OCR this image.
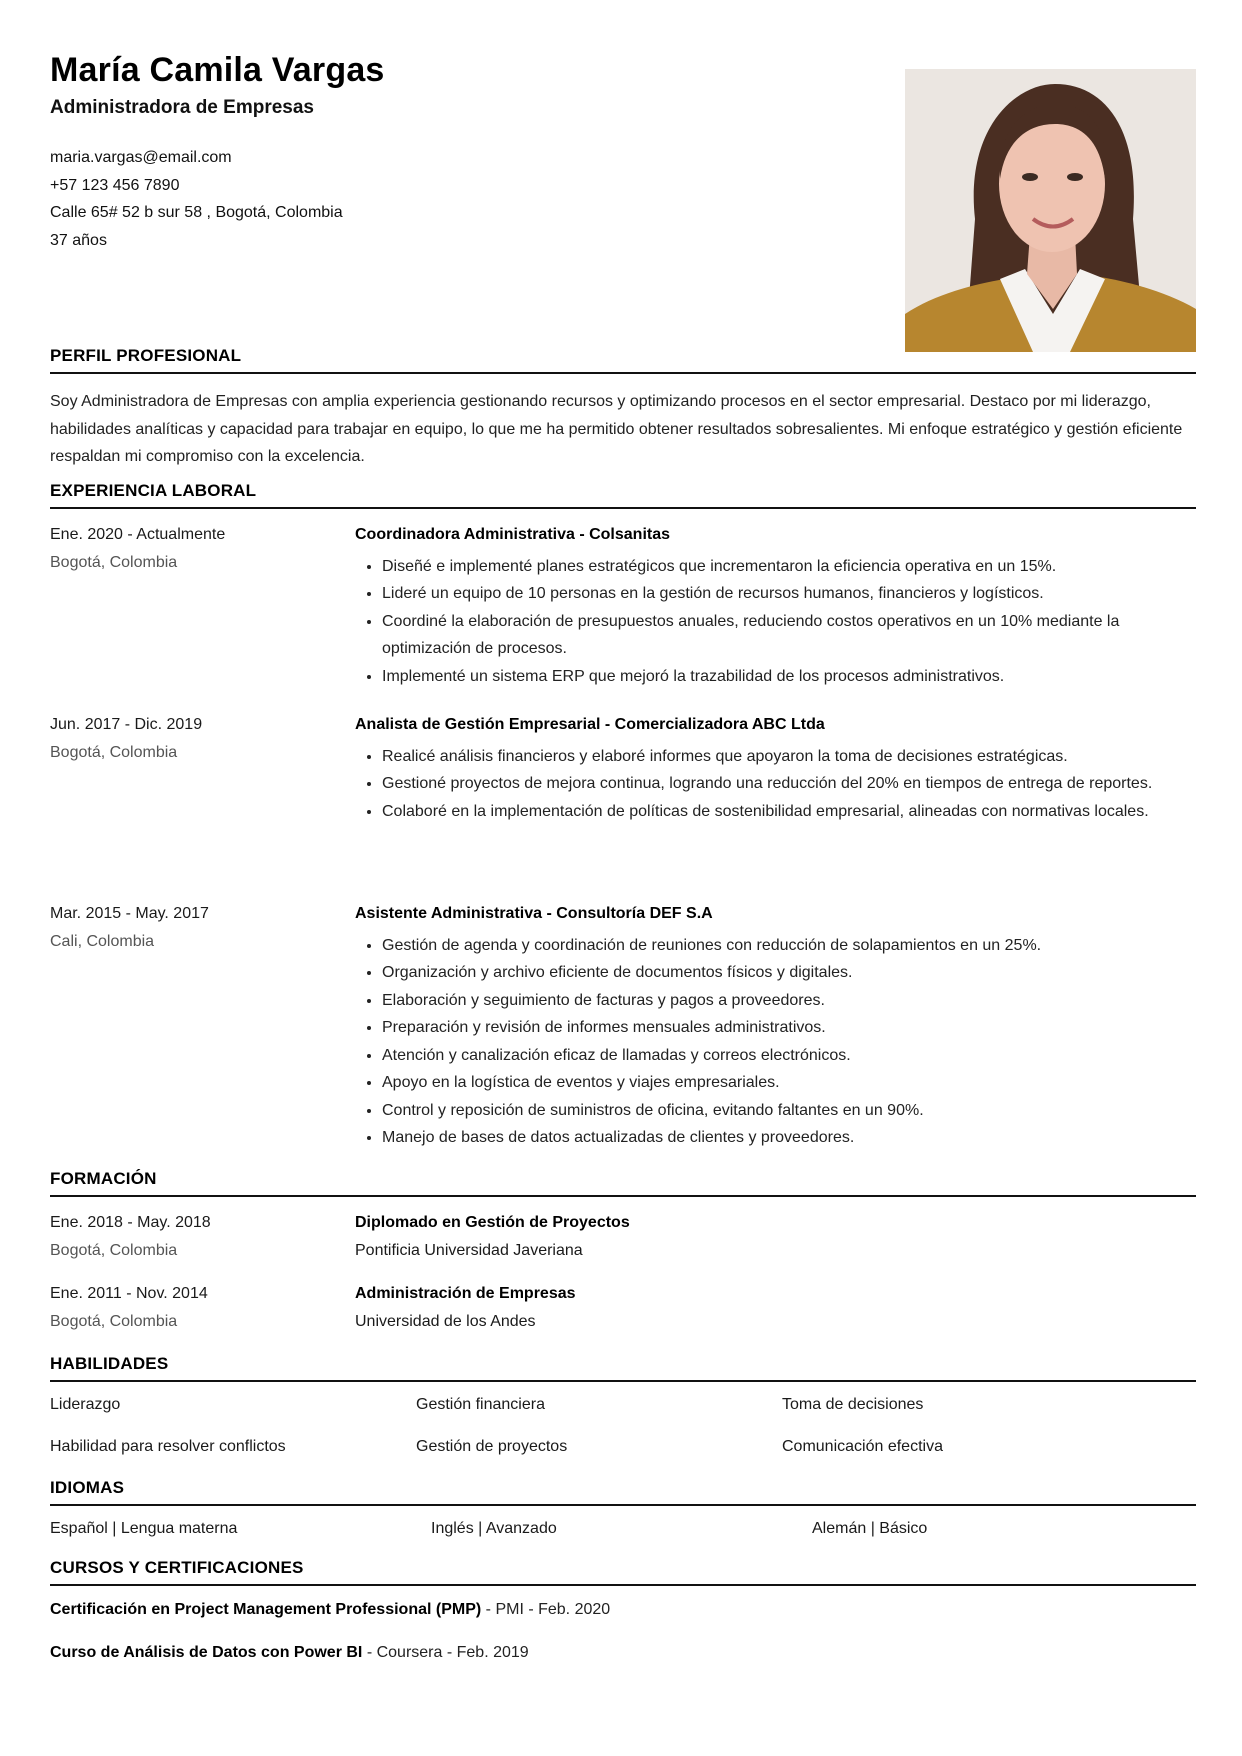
María Camila Vargas
Administradora de Empresas
maria.vargas@email.com
+57 123 456 7890
Calle 65# 52 b sur 58 , Bogotá, Colombia
37 años
PERFIL PROFESIONAL
Soy Administradora de Empresas con amplia experiencia gestionando recursos y optimizando procesos en el sector empresarial. Destaco por mi liderazgo, habilidades analíticas y capacidad para trabajar en equipo, lo que me ha permitido obtener resultados sobresalientes. Mi enfoque estratégico y gestión eficiente respaldan mi compromiso con la excelencia.
EXPERIENCIA LABORAL
Ene. 2020 - Actualmente
Bogotá, Colombia
Coordinadora Administrativa - Colsanitas
• Diseñé e implementé planes estratégicos que incrementaron la eficiencia operativa en un 15%.
• Lideré un equipo de 10 personas en la gestión de recursos humanos, financieros y logísticos.
• Coordiné la elaboración de presupuestos anuales, reduciendo costos operativos en un 10% mediante la optimización de procesos.
• Implementé un sistema ERP que mejoró la trazabilidad de los procesos administrativos.
Jun. 2017 - Dic. 2019
Bogotá, Colombia
Analista de Gestión Empresarial - Comercializadora ABC Ltda
• Realicé análisis financieros y elaboré informes que apoyaron la toma de decisiones estratégicas.
• Gestioné proyectos de mejora continua, logrando una reducción del 20% en tiempos de entrega de reportes.
• Colaboré en la implementación de políticas de sostenibilidad empresarial, alineadas con normativas locales.
Mar. 2015 - May. 2017
Cali, Colombia
Asistente Administrativa - Consultoría DEF S.A
• Gestión de agenda y coordinación de reuniones con reducción de solapamientos en un 25%.
• Organización y archivo eficiente de documentos físicos y digitales.
• Elaboración y seguimiento de facturas y pagos a proveedores.
• Preparación y revisión de informes mensuales administrativos.
• Atención y canalización eficaz de llamadas y correos electrónicos.
• Apoyo en la logística de eventos y viajes empresariales.
• Control y reposición de suministros de oficina, evitando faltantes en un 90%.
• Manejo de bases de datos actualizadas de clientes y proveedores.
FORMACIÓN
Ene. 2018 - May. 2018
Bogotá, Colombia
Diplomado en Gestión de Proyectos
Pontificia Universidad Javeriana
Ene. 2011 - Nov. 2014
Bogotá, Colombia
Administración de Empresas
Universidad de los Andes
HABILIDADES
Liderazgo	Gestión financiera	Toma de decisiones
Habilidad para resolver conflictos	Gestión de proyectos	Comunicación efectiva
IDIOMAS
Español | Lengua materna	Inglés | Avanzado	Alemán | Básico
CURSOS Y CERTIFICACIONES
Certificación en Project Management Professional (PMP) - PMI - Feb. 2020
Curso de Análisis de Datos con Power BI - Coursera - Feb. 2019
